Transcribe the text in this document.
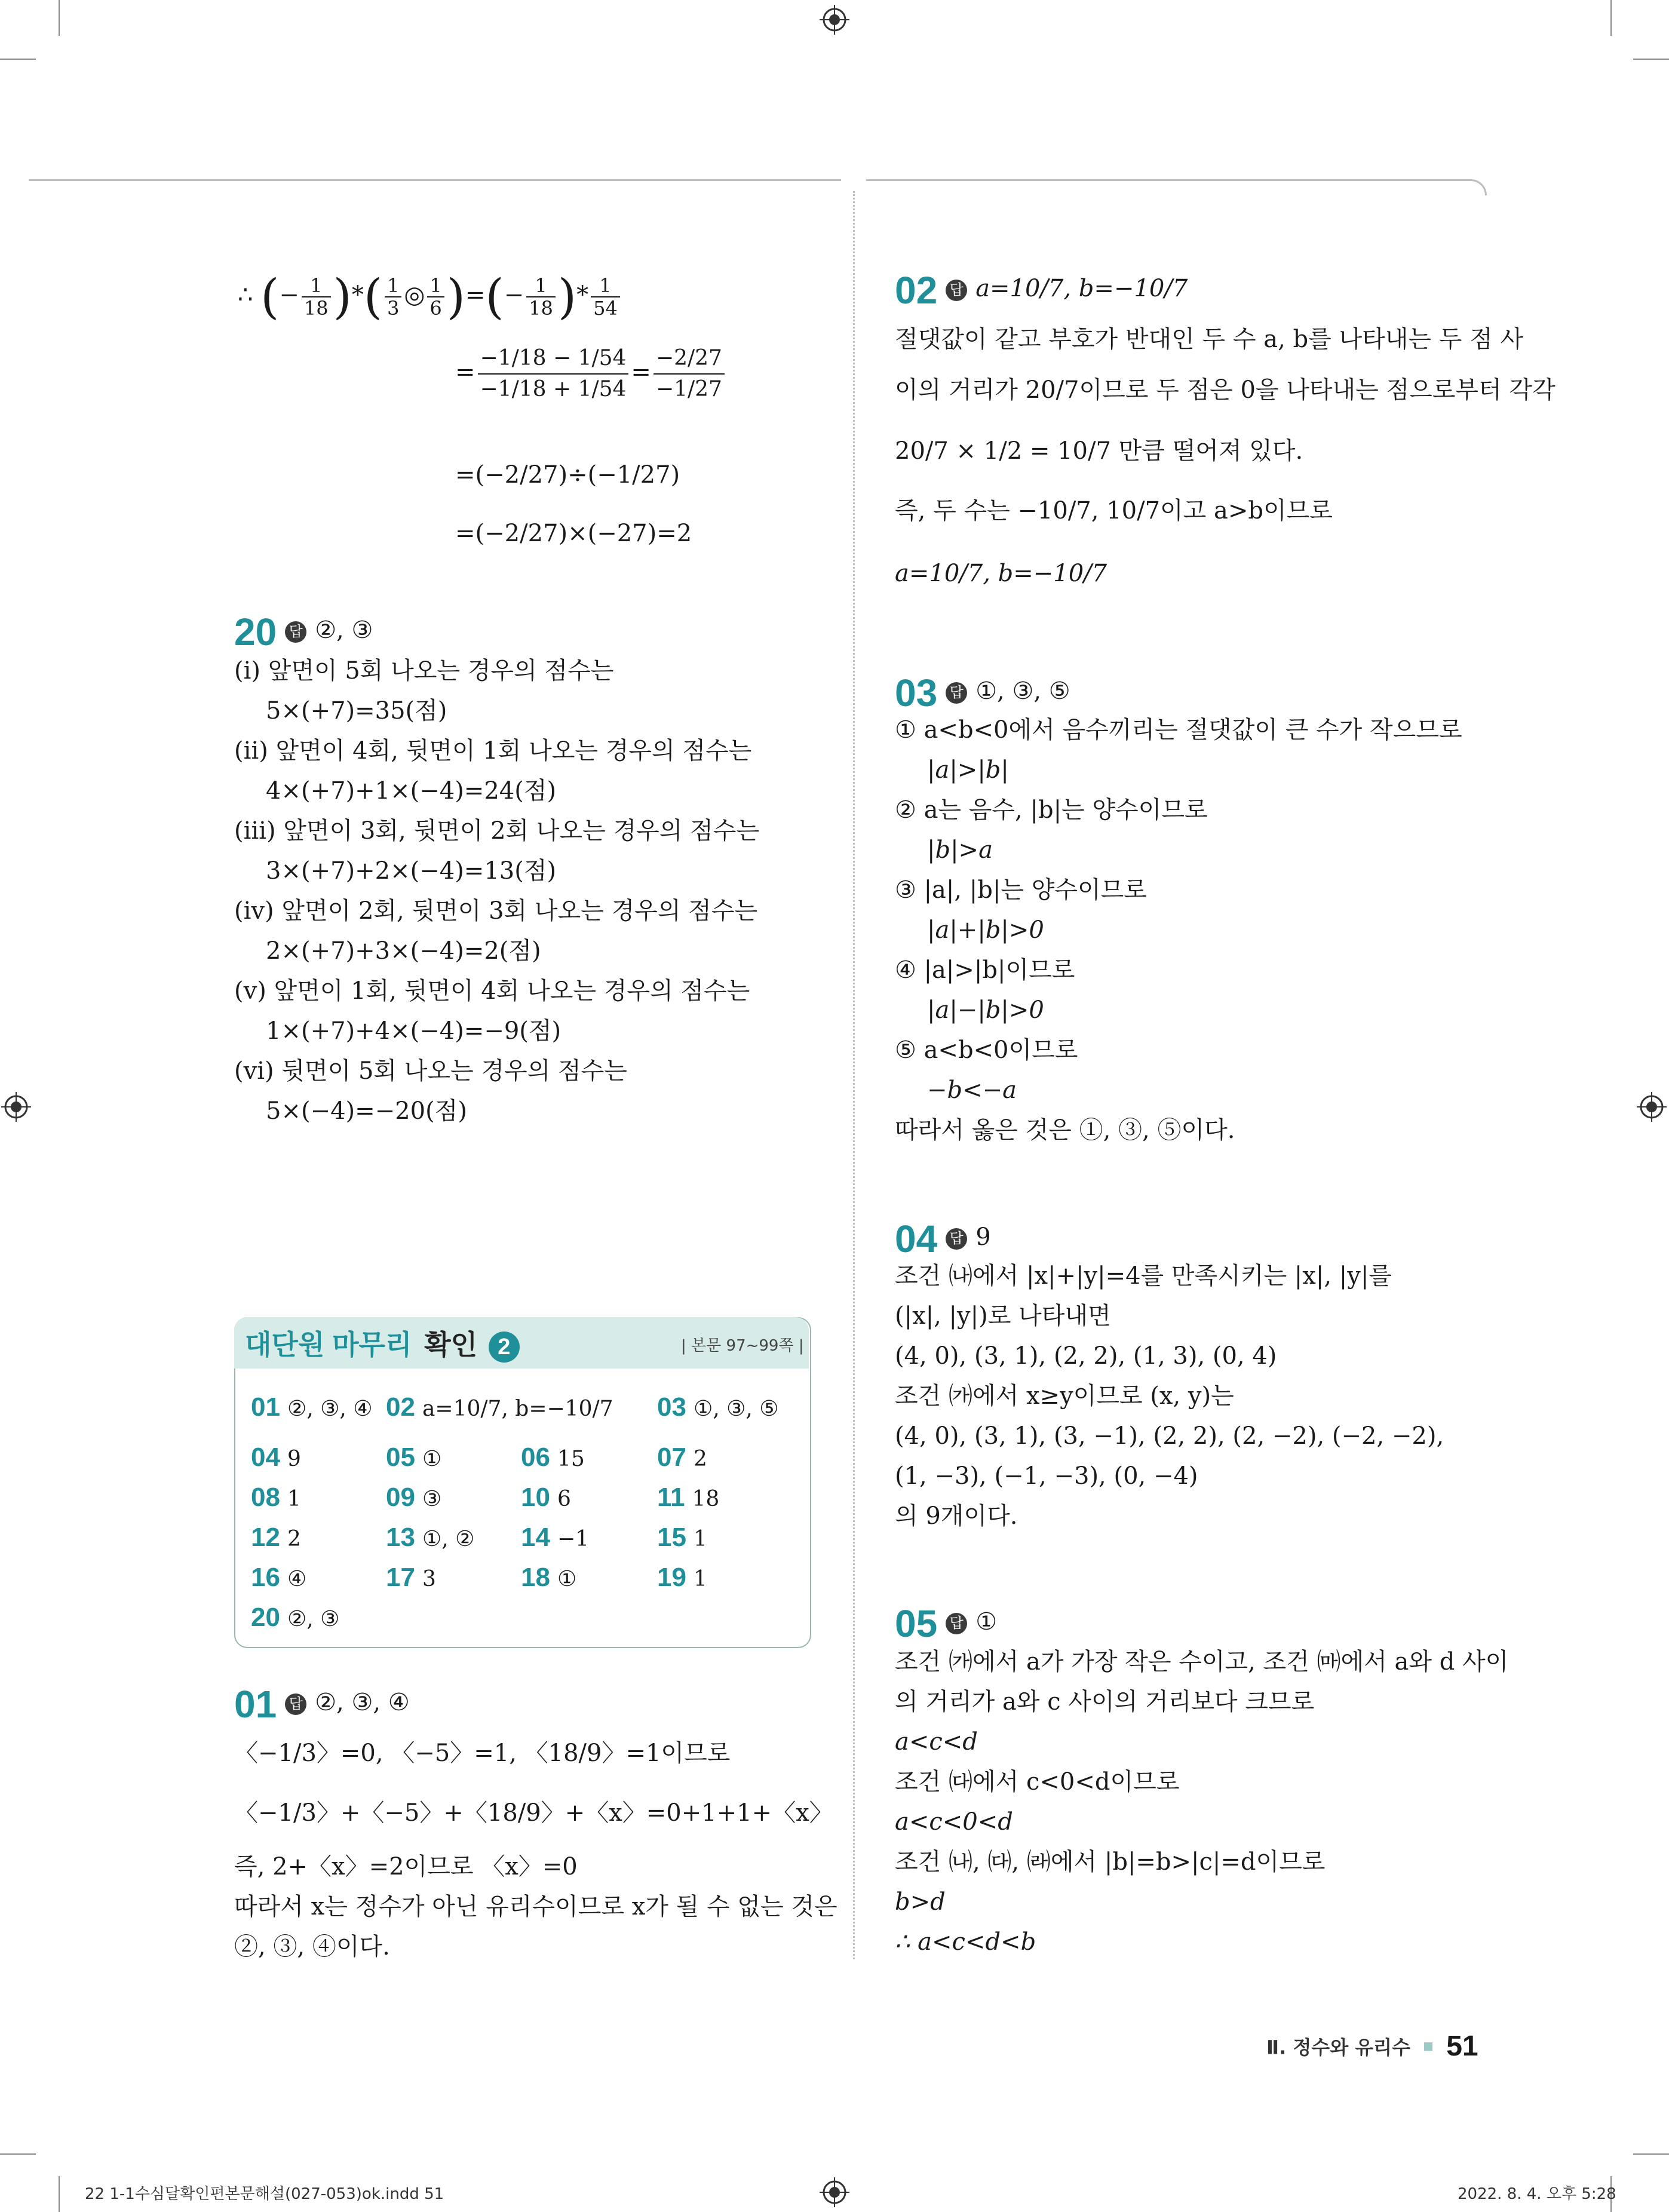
∴ (− $\frac{1}{18}$ )*( $\frac{1}{3}$ ◎ $\frac{1}{6}$ )=(− $\frac{1}{18}$ )* $\frac{1}{54}$
= $\frac{-1/18 - 1/54}{-1/18 + 1/54} = \frac{-2/27}{-1/27}$
=(−2/27)÷(−1/27)
=(−2/27)×(−27)=2
20 답 ②, ③
(ⅰ) 앞면이 5회 나오는 경우의 점수는
5×(+7)=35(점)
(ⅱ) 앞면이 4회, 뒷면이 1회 나오는 경우의 점수는
4×(+7)+1×(−4)=24(점)
(ⅲ) 앞면이 3회, 뒷면이 2회 나오는 경우의 점수는
3×(+7)+2×(−4)=13(점)
(ⅳ) 앞면이 2회, 뒷면이 3회 나오는 경우의 점수는
2×(+7)+3×(−4)=2(점)
(ⅴ) 앞면이 1회, 뒷면이 4회 나오는 경우의 점수는
1×(+7)+4×(−4)=−9(점)
(ⅵ) 뒷면이 5회 나오는 경우의 점수는
5×(−4)=−20(점)
대단원 마무리 확인 2	| 본문 97~99쪽 |
01 ②, ③, ④ 02 a=10/7, b=−10/7 03 ①, ③, ⑤
04 9	05 ①	06 15	07 2
08 1	09 ③	10 6	11 18
12 2	13 ①, ② 14 −1	15 1
16 ④	17 3	18 ①	19 1
20 ②, ③
01 답 ②, ③, ④
〈−1/3〉=0, 〈−5〉=1, 〈18/9〉=1이므로
〈−1/3〉+〈−5〉+〈18/9〉+〈x〉=0+1+1+〈x〉
즉, 2+〈x〉=2이므로 〈x〉=0
따라서 x는 정수가 아닌 유리수이므로 x가 될 수 없는 것은
②, ③, ④이다.
02 답 a=10/7, b=−10/7
절댓값이 같고 부호가 반대인 두 수 a, b를 나타내는 두 점 사
이의 거리가 20/7이므로 두 점은 0을 나타내는 점으로부터 각각
20/7 × 1/2 = 10/7 만큼 떨어져 있다.
즉, 두 수는 −10/7, 10/7이고 a>b이므로
a=10/7, b=−10/7
03 답 ①, ③, ⑤
① a<b<0에서 음수끼리는 절댓값이 큰 수가 작으므로
|a|>|b|
② a는 음수, |b|는 양수이므로
|b|>a
③ |a|, |b|는 양수이므로
|a|+|b|>0
④ |a|>|b|이므로
|a|−|b|>0
⑤ a<b<0이므로
−b<−a
따라서 옳은 것은 ①, ③, ⑤이다.
04 답 9
조건 ㈏에서 |x|+|y|=4를 만족시키는 |x|, |y|를
(|x|, |y|)로 나타내면
(4, 0), (3, 1), (2, 2), (1, 3), (0, 4)
조건 ㈎에서 x≥y이므로 (x, y)는
(4, 0), (3, 1), (3, −1), (2, 2), (2, −2), (−2, −2),
(1, −3), (−1, −3), (0, −4)
의 9개이다.
05 답 ①
조건 ㈎에서 a가 가장 작은 수이고, 조건 ㈒에서 a와 d 사이
의 거리가 a와 c 사이의 거리보다 크므로
a<c<d
조건 ㈐에서 c<0<d이므로
a<c<0<d
조건 ㈏, ㈐, ㈑에서 |b|=b>|c|=d이므로
b>d
∴ a<c<d<b
Ⅱ. 정수와 유리수 51
22 1-1수심달확인편본문해설(027-053)ok.indd 51	2022. 8. 4. 오후 5:28
